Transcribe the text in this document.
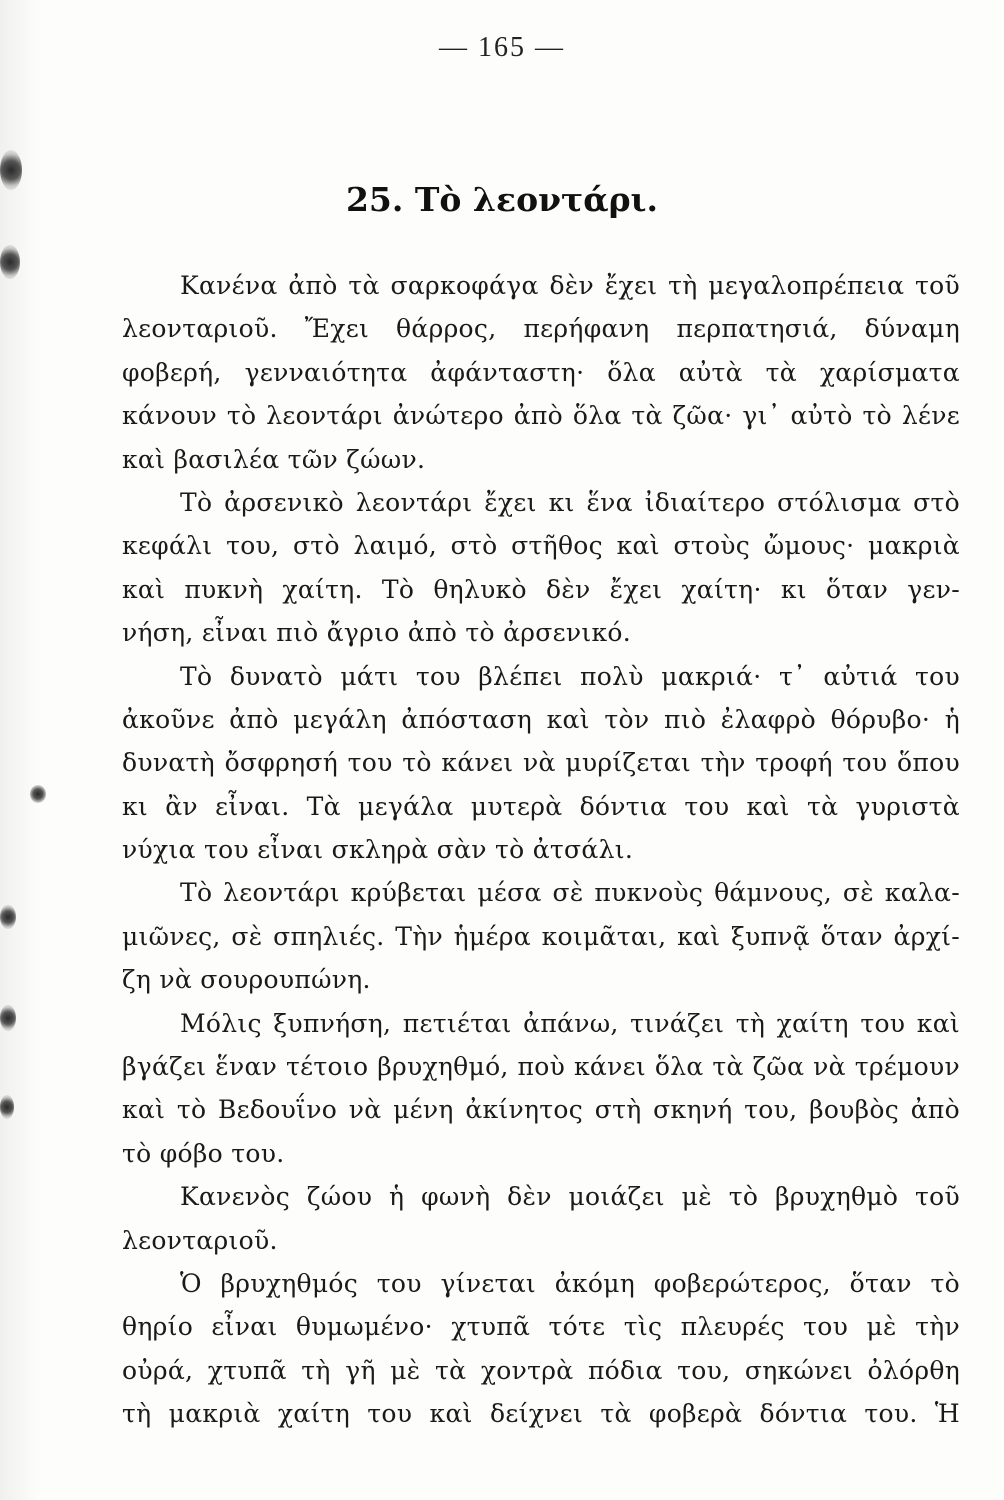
— 165 —
25. Τὸ λεοντάρι.
Κανένα ἀπὸ τὰ σαρκοφάγα δὲν ἔχει τὴ μεγαλοπρέπεια τοῦ
λεονταριοῦ. Ἔχει θάρρος, περήφανη περπατησιά, δύναμη
φοβερή, γενναιότητα ἀφάνταστη· ὅλα αὐτὰ τὰ χαρίσματα
κάνουν τὸ λεοντάρι ἀνώτερο ἀπὸ ὅλα τὰ ζῶα· γι᾿ αὐτὸ τὸ λένε
καὶ βασιλέα τῶν ζώων.
Τὸ ἀρσενικὸ λεοντάρι ἔχει κι ἕνα ἰδιαίτερο στόλισμα στὸ
κεφάλι του, στὸ λαιμό, στὸ στῆθος καὶ στοὺς ὤμους· μακριὰ
καὶ πυκνὴ χαίτη. Τὸ θηλυκὸ δὲν ἔχει χαίτη· κι ὅταν γεν-
νήση, εἶναι πιὸ ἄγριο ἀπὸ τὸ ἀρσενικό.
Τὸ δυνατὸ μάτι του βλέπει πολὺ μακριά· τ᾿ αὐτιά του
ἀκοῦνε ἀπὸ μεγάλη ἀπόσταση καὶ τὸν πιὸ ἐλαφρὸ θόρυβο· ἡ
δυνατὴ ὄσφρησή του τὸ κάνει νὰ μυρίζεται τὴν τροφή του ὅπου
κι ἂν εἶναι. Τὰ μεγάλα μυτερὰ δόντια του καὶ τὰ γυριστὰ
νύχια του εἶναι σκληρὰ σὰν τὸ ἀτσάλι.
Τὸ λεοντάρι κρύβεται μέσα σὲ πυκνοὺς θάμνους, σὲ καλα-
μιῶνες, σὲ σπηλιές. Τὴν ἡμέρα κοιμᾶται, καὶ ξυπνᾷ ὅταν ἀρχί-
ζη νὰ σουρουπώνη.
Μόλις ξυπνήση, πετιέται ἀπάνω, τινάζει τὴ χαίτη του καὶ
βγάζει ἕναν τέτοιο βρυχηθμό, ποὺ κάνει ὅλα τὰ ζῶα νὰ τρέμουν
καὶ τὸ Βεδουΐνο νὰ μένη ἀκίνητος στὴ σκηνή του, βουβὸς ἀπὸ
τὸ φόβο του.
Κανενὸς ζώου ἡ φωνὴ δὲν μοιάζει μὲ τὸ βρυχηθμὸ τοῦ
λεονταριοῦ.
Ὁ βρυχηθμός του γίνεται ἀκόμη φοβερώτερος, ὅταν τὸ
θηρίο εἶναι θυμωμένο· χτυπᾶ τότε τὶς πλευρές του μὲ τὴν
οὐρά, χτυπᾶ τὴ γῆ μὲ τὰ χοντρὰ πόδια του, σηκώνει ὀλόρθη
τὴ μακριὰ χαίτη του καὶ δείχνει τὰ φοβερὰ δόντια του. Ἡ
